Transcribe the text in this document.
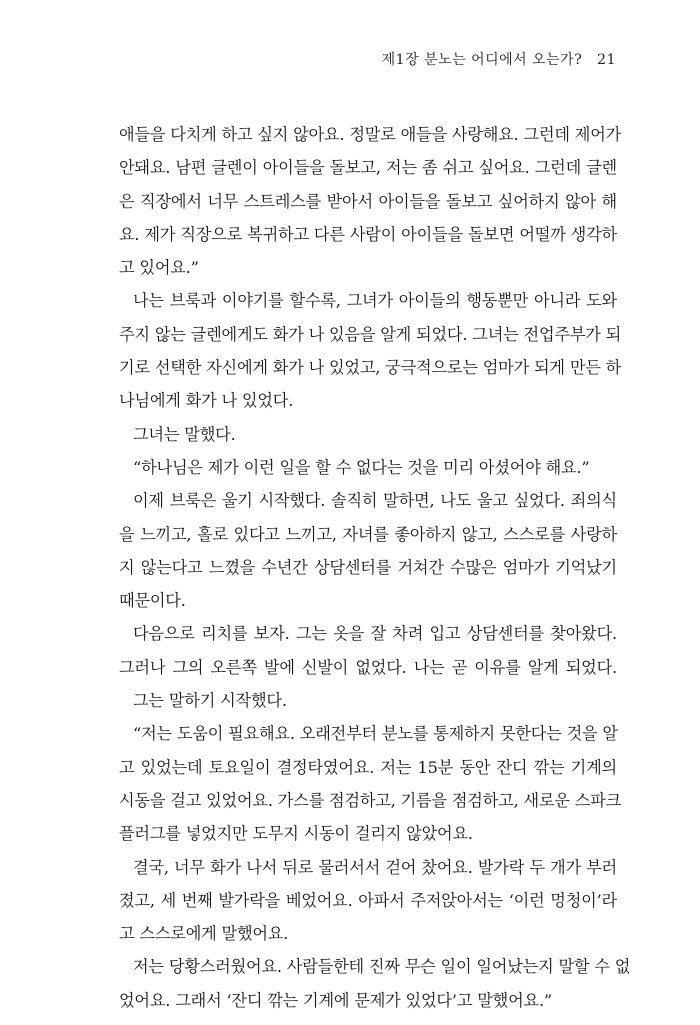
제1장 분노는 어디에서 오는가? 21
애들을 다치게 하고 싶지 않아요. 정말로 애들을 사랑해요. 그런데 제어가
안돼요. 남편 글렌이 아이들을 돌보고, 저는 좀 쉬고 싶어요. 그런데 글렌
은 직장에서 너무 스트레스를 받아서 아이들을 돌보고 싶어하지 않아 해
요. 제가 직장으로 복귀하고 다른 사람이 아이들을 돌보면 어떨까 생각하
고 있어요.”
나는 브룩과 이야기를 할수록, 그녀가 아이들의 행동뿐만 아니라 도와
주지 않는 글렌에게도 화가 나 있음을 알게 되었다. 그녀는 전업주부가 되
기로 선택한 자신에게 화가 나 있었고, 궁극적으로는 엄마가 되게 만든 하
나님에게 화가 나 있었다.
그녀는 말했다.
“하나님은 제가 이런 일을 할 수 없다는 것을 미리 아셨어야 해요.”
이제 브룩은 울기 시작했다. 솔직히 말하면, 나도 울고 싶었다. 죄의식
을 느끼고, 홀로 있다고 느끼고, 자녀를 좋아하지 않고, 스스로를 사랑하
지 않는다고 느꼈을 수년간 상담센터를 거쳐간 수많은 엄마가 기억났기
때문이다.
다음으로 리치를 보자. 그는 옷을 잘 차려 입고 상담센터를 찾아왔다.
그러나 그의 오른쪽 발에 신발이 없었다. 나는 곧 이유를 알게 되었다.
그는 말하기 시작했다.
“저는 도움이 필요해요. 오래전부터 분노를 통제하지 못한다는 것을 알
고 있었는데 토요일이 결정타였어요. 저는 15분 동안 잔디 깎는 기계의
시동을 걸고 있었어요. 가스를 점검하고, 기름을 점검하고, 새로운 스파크
플러그를 넣었지만 도무지 시동이 걸리지 않았어요.
결국, 너무 화가 나서 뒤로 물러서서 걷어 찼어요. 발가락 두 개가 부러
졌고, 세 번째 발가락을 베었어요. 아파서 주저앉아서는 ‘이런 멍청이’라
고 스스로에게 말했어요.
저는 당황스러웠어요. 사람들한테 진짜 무슨 일이 일어났는지 말할 수 없
었어요. 그래서 ‘잔디 깎는 기계에 문제가 있었다’고 말했어요.”
